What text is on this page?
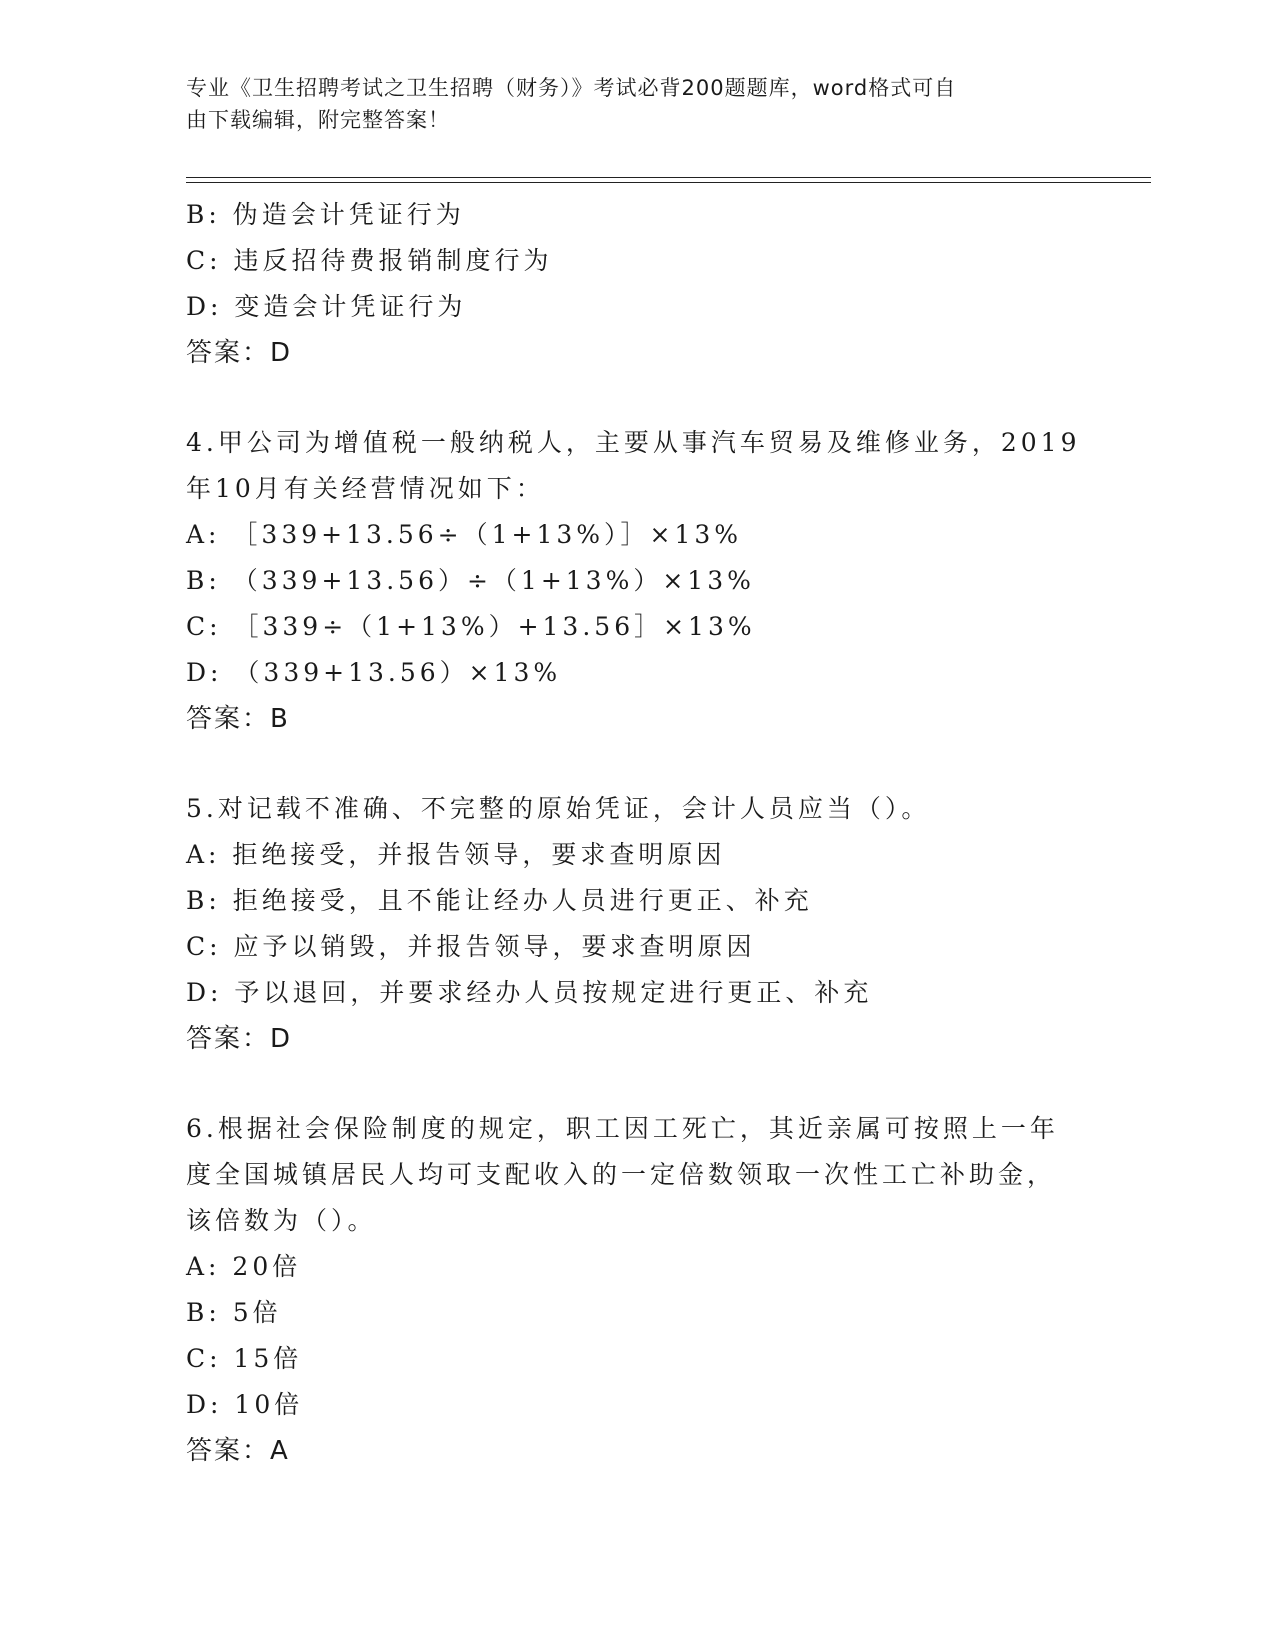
专业《卫生招聘考试之卫生招聘（财务）》考试必背200题题库，word格式可自
由下载编辑，附完整答案！
B: 伪造会计凭证行为
C: 违反招待费报销制度行为
D: 变造会计凭证行为
答案：D
4.甲公司为增值税一般纳税人，主要从事汽车贸易及维修业务，2019
年10月有关经营情况如下：
A: ［339+13.56÷（1+13%）］×13%
B: （339+13.56）÷（1+13%）×13%
C: ［339÷（1+13%）+13.56］×13%
D: （339+13.56）×13%
答案：B
5.对记载不准确、不完整的原始凭证，会计人员应当（）。
A: 拒绝接受，并报告领导，要求查明原因
B: 拒绝接受，且不能让经办人员进行更正、补充
C: 应予以销毁，并报告领导，要求查明原因
D: 予以退回，并要求经办人员按规定进行更正、补充
答案：D
6.根据社会保险制度的规定，职工因工死亡，其近亲属可按照上一年
度全国城镇居民人均可支配收入的一定倍数领取一次性工亡补助金，
该倍数为（）。
A: 20倍
B: 5倍
C: 15倍
D: 10倍
答案：A
